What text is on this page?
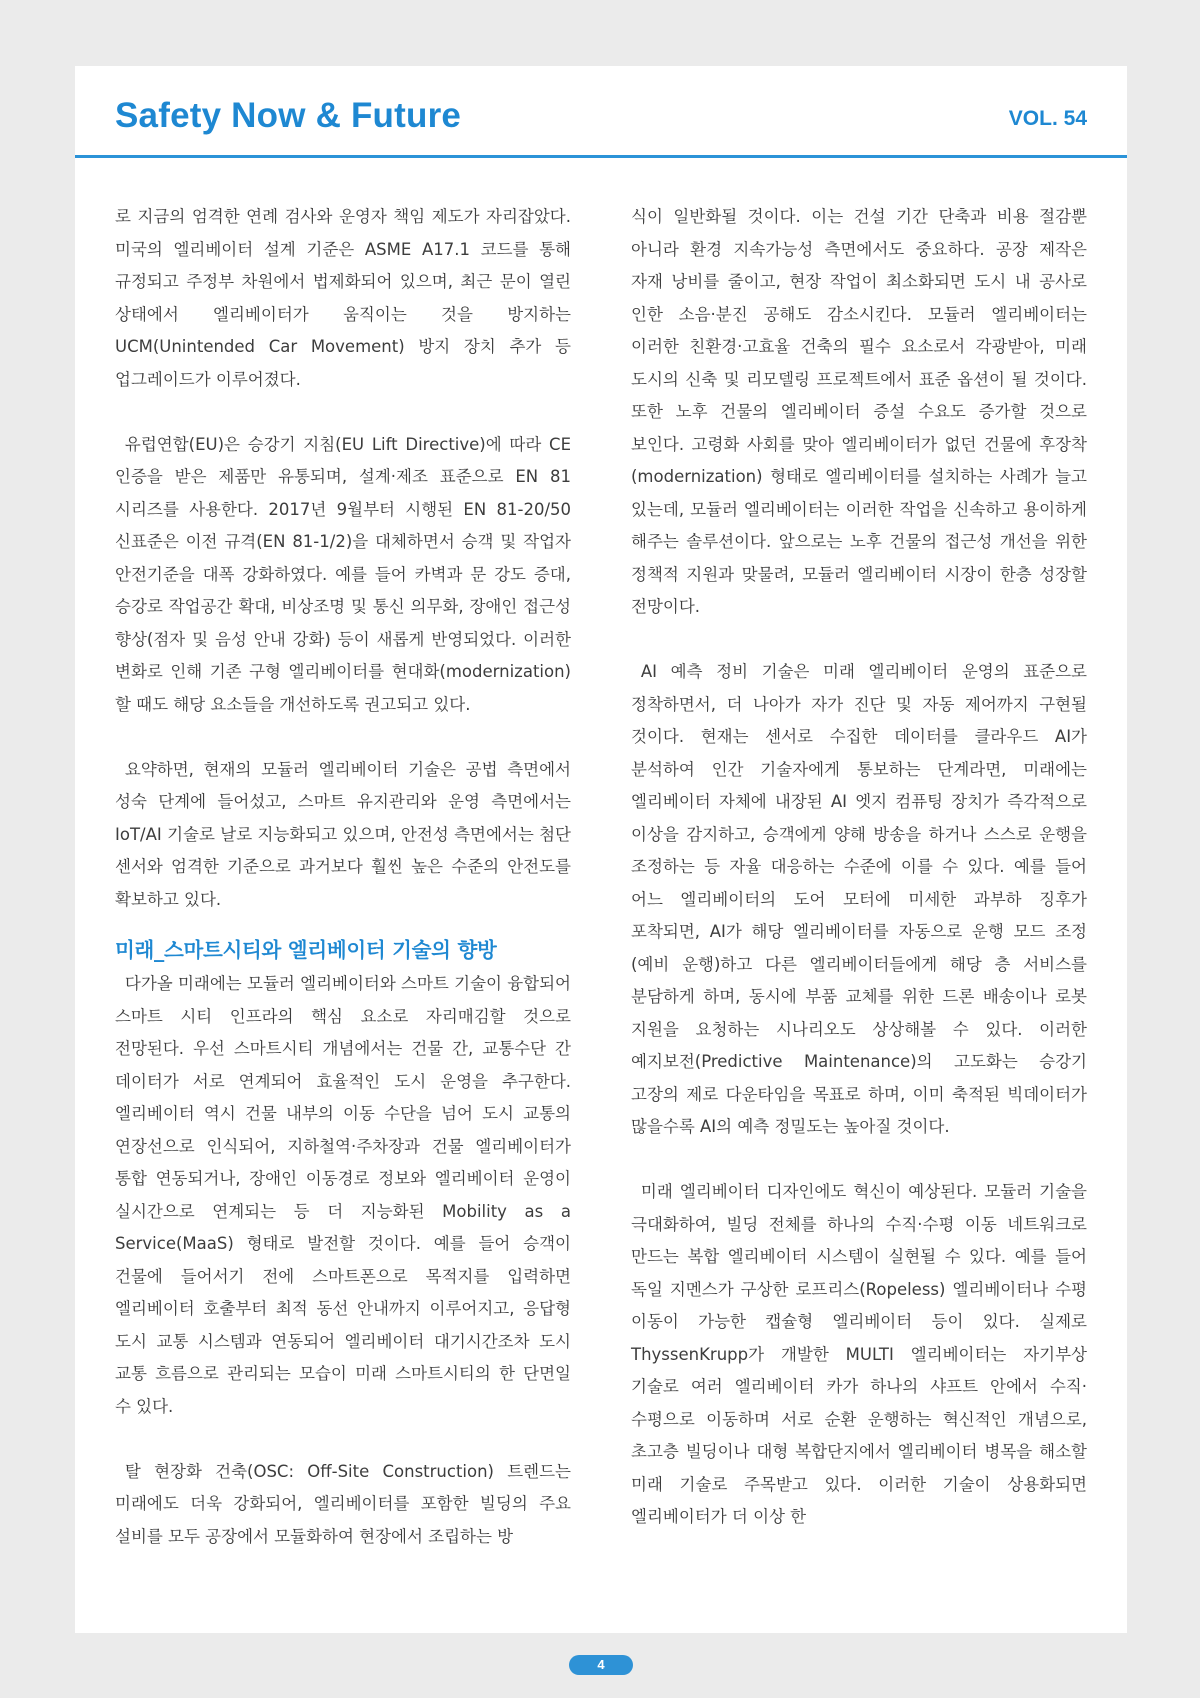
Safety Now & Future	VOL. 54

로 지금의 엄격한 연례 검사와 운영자 책임 제도가 자리잡았다. 미국의 엘리베이터 설계 기준은 ASME A17.1 코드를 통해 규정되고 주정부 차원에서 법제화되어 있으며, 최근 문이 열린 상태에서 엘리베이터가 움직이는 것을 방지하는 UCM(Unintended Car Movement) 방지 장치 추가 등 업그레이드가 이루어졌다.

유럽연합(EU)은 승강기 지침(EU Lift Directive)에 따라 CE 인증을 받은 제품만 유통되며, 설계·제조 표준으로 EN 81 시리즈를 사용한다. 2017년 9월부터 시행된 EN 81-20/50 신표준은 이전 규격(EN 81-1/2)을 대체하면서 승객 및 작업자 안전기준을 대폭 강화하였다. 예를 들어 카벽과 문 강도 증대, 승강로 작업공간 확대, 비상조명 및 통신 의무화, 장애인 접근성 향상(점자 및 음성 안내 강화) 등이 새롭게 반영되었다. 이러한 변화로 인해 기존 구형 엘리베이터를 현대화(modernization)할 때도 해당 요소들을 개선하도록 권고되고 있다.

요약하면, 현재의 모듈러 엘리베이터 기술은 공법 측면에서 성숙 단계에 들어섰고, 스마트 유지관리와 운영 측면에서는 IoT/AI 기술로 날로 지능화되고 있으며, 안전성 측면에서는 첨단 센서와 엄격한 기준으로 과거보다 훨씬 높은 수준의 안전도를 확보하고 있다.

미래_스마트시티와 엘리베이터 기술의 향방

다가올 미래에는 모듈러 엘리베이터와 스마트 기술이 융합되어 스마트 시티 인프라의 핵심 요소로 자리매김할 것으로 전망된다. 우선 스마트시티 개념에서는 건물 간, 교통수단 간 데이터가 서로 연계되어 효율적인 도시 운영을 추구한다. 엘리베이터 역시 건물 내부의 이동 수단을 넘어 도시 교통의 연장선으로 인식되어, 지하철역·주차장과 건물 엘리베이터가 통합 연동되거나, 장애인 이동경로 정보와 엘리베이터 운영이 실시간으로 연계되는 등 더 지능화된 Mobility as a Service(MaaS) 형태로 발전할 것이다. 예를 들어 승객이 건물에 들어서기 전에 스마트폰으로 목적지를 입력하면 엘리베이터 호출부터 최적 동선 안내까지 이루어지고, 응답형 도시 교통 시스템과 연동되어 엘리베이터 대기시간조차 도시 교통 흐름으로 관리되는 모습이 미래 스마트시티의 한 단면일 수 있다.

탈 현장화 건축(OSC: Off-Site Construction) 트렌드는 미래에도 더욱 강화되어, 엘리베이터를 포함한 빌딩의 주요 설비를 모두 공장에서 모듈화하여 현장에서 조립하는 방

식이 일반화될 것이다. 이는 건설 기간 단축과 비용 절감뿐 아니라 환경 지속가능성 측면에서도 중요하다. 공장 제작은 자재 낭비를 줄이고, 현장 작업이 최소화되면 도시 내 공사로 인한 소음·분진 공해도 감소시킨다. 모듈러 엘리베이터는 이러한 친환경·고효율 건축의 필수 요소로서 각광받아, 미래 도시의 신축 및 리모델링 프로젝트에서 표준 옵션이 될 것이다. 또한 노후 건물의 엘리베이터 증설 수요도 증가할 것으로 보인다. 고령화 사회를 맞아 엘리베이터가 없던 건물에 후장착(modernization) 형태로 엘리베이터를 설치하는 사례가 늘고 있는데, 모듈러 엘리베이터는 이러한 작업을 신속하고 용이하게 해주는 솔루션이다. 앞으로는 노후 건물의 접근성 개선을 위한 정책적 지원과 맞물려, 모듈러 엘리베이터 시장이 한층 성장할 전망이다.

AI 예측 정비 기술은 미래 엘리베이터 운영의 표준으로 정착하면서, 더 나아가 자가 진단 및 자동 제어까지 구현될 것이다. 현재는 센서로 수집한 데이터를 클라우드 AI가 분석하여 인간 기술자에게 통보하는 단계라면, 미래에는 엘리베이터 자체에 내장된 AI 엣지 컴퓨팅 장치가 즉각적으로 이상을 감지하고, 승객에게 양해 방송을 하거나 스스로 운행을 조정하는 등 자율 대응하는 수준에 이를 수 있다. 예를 들어 어느 엘리베이터의 도어 모터에 미세한 과부하 징후가 포착되면, AI가 해당 엘리베이터를 자동으로 운행 모드 조정(예비 운행)하고 다른 엘리베이터들에게 해당 층 서비스를 분담하게 하며, 동시에 부품 교체를 위한 드론 배송이나 로봇 지원을 요청하는 시나리오도 상상해볼 수 있다. 이러한 예지보전(Predictive Maintenance)의 고도화는 승강기 고장의 제로 다운타임을 목표로 하며, 이미 축적된 빅데이터가 많을수록 AI의 예측 정밀도는 높아질 것이다.

미래 엘리베이터 디자인에도 혁신이 예상된다. 모듈러 기술을 극대화하여, 빌딩 전체를 하나의 수직·수평 이동 네트워크로 만드는 복합 엘리베이터 시스템이 실현될 수 있다. 예를 들어 독일 지멘스가 구상한 로프리스(Ropeless) 엘리베이터나 수평 이동이 가능한 캡슐형 엘리베이터 등이 있다. 실제로 ThyssenKrupp가 개발한 MULTI 엘리베이터는 자기부상 기술로 여러 엘리베이터 카가 하나의 샤프트 안에서 수직·수평으로 이동하며 서로 순환 운행하는 혁신적인 개념으로, 초고층 빌딩이나 대형 복합단지에서 엘리베이터 병목을 해소할 미래 기술로 주목받고 있다. 이러한 기술이 상용화되면 엘리베이터가 더 이상 한

4
